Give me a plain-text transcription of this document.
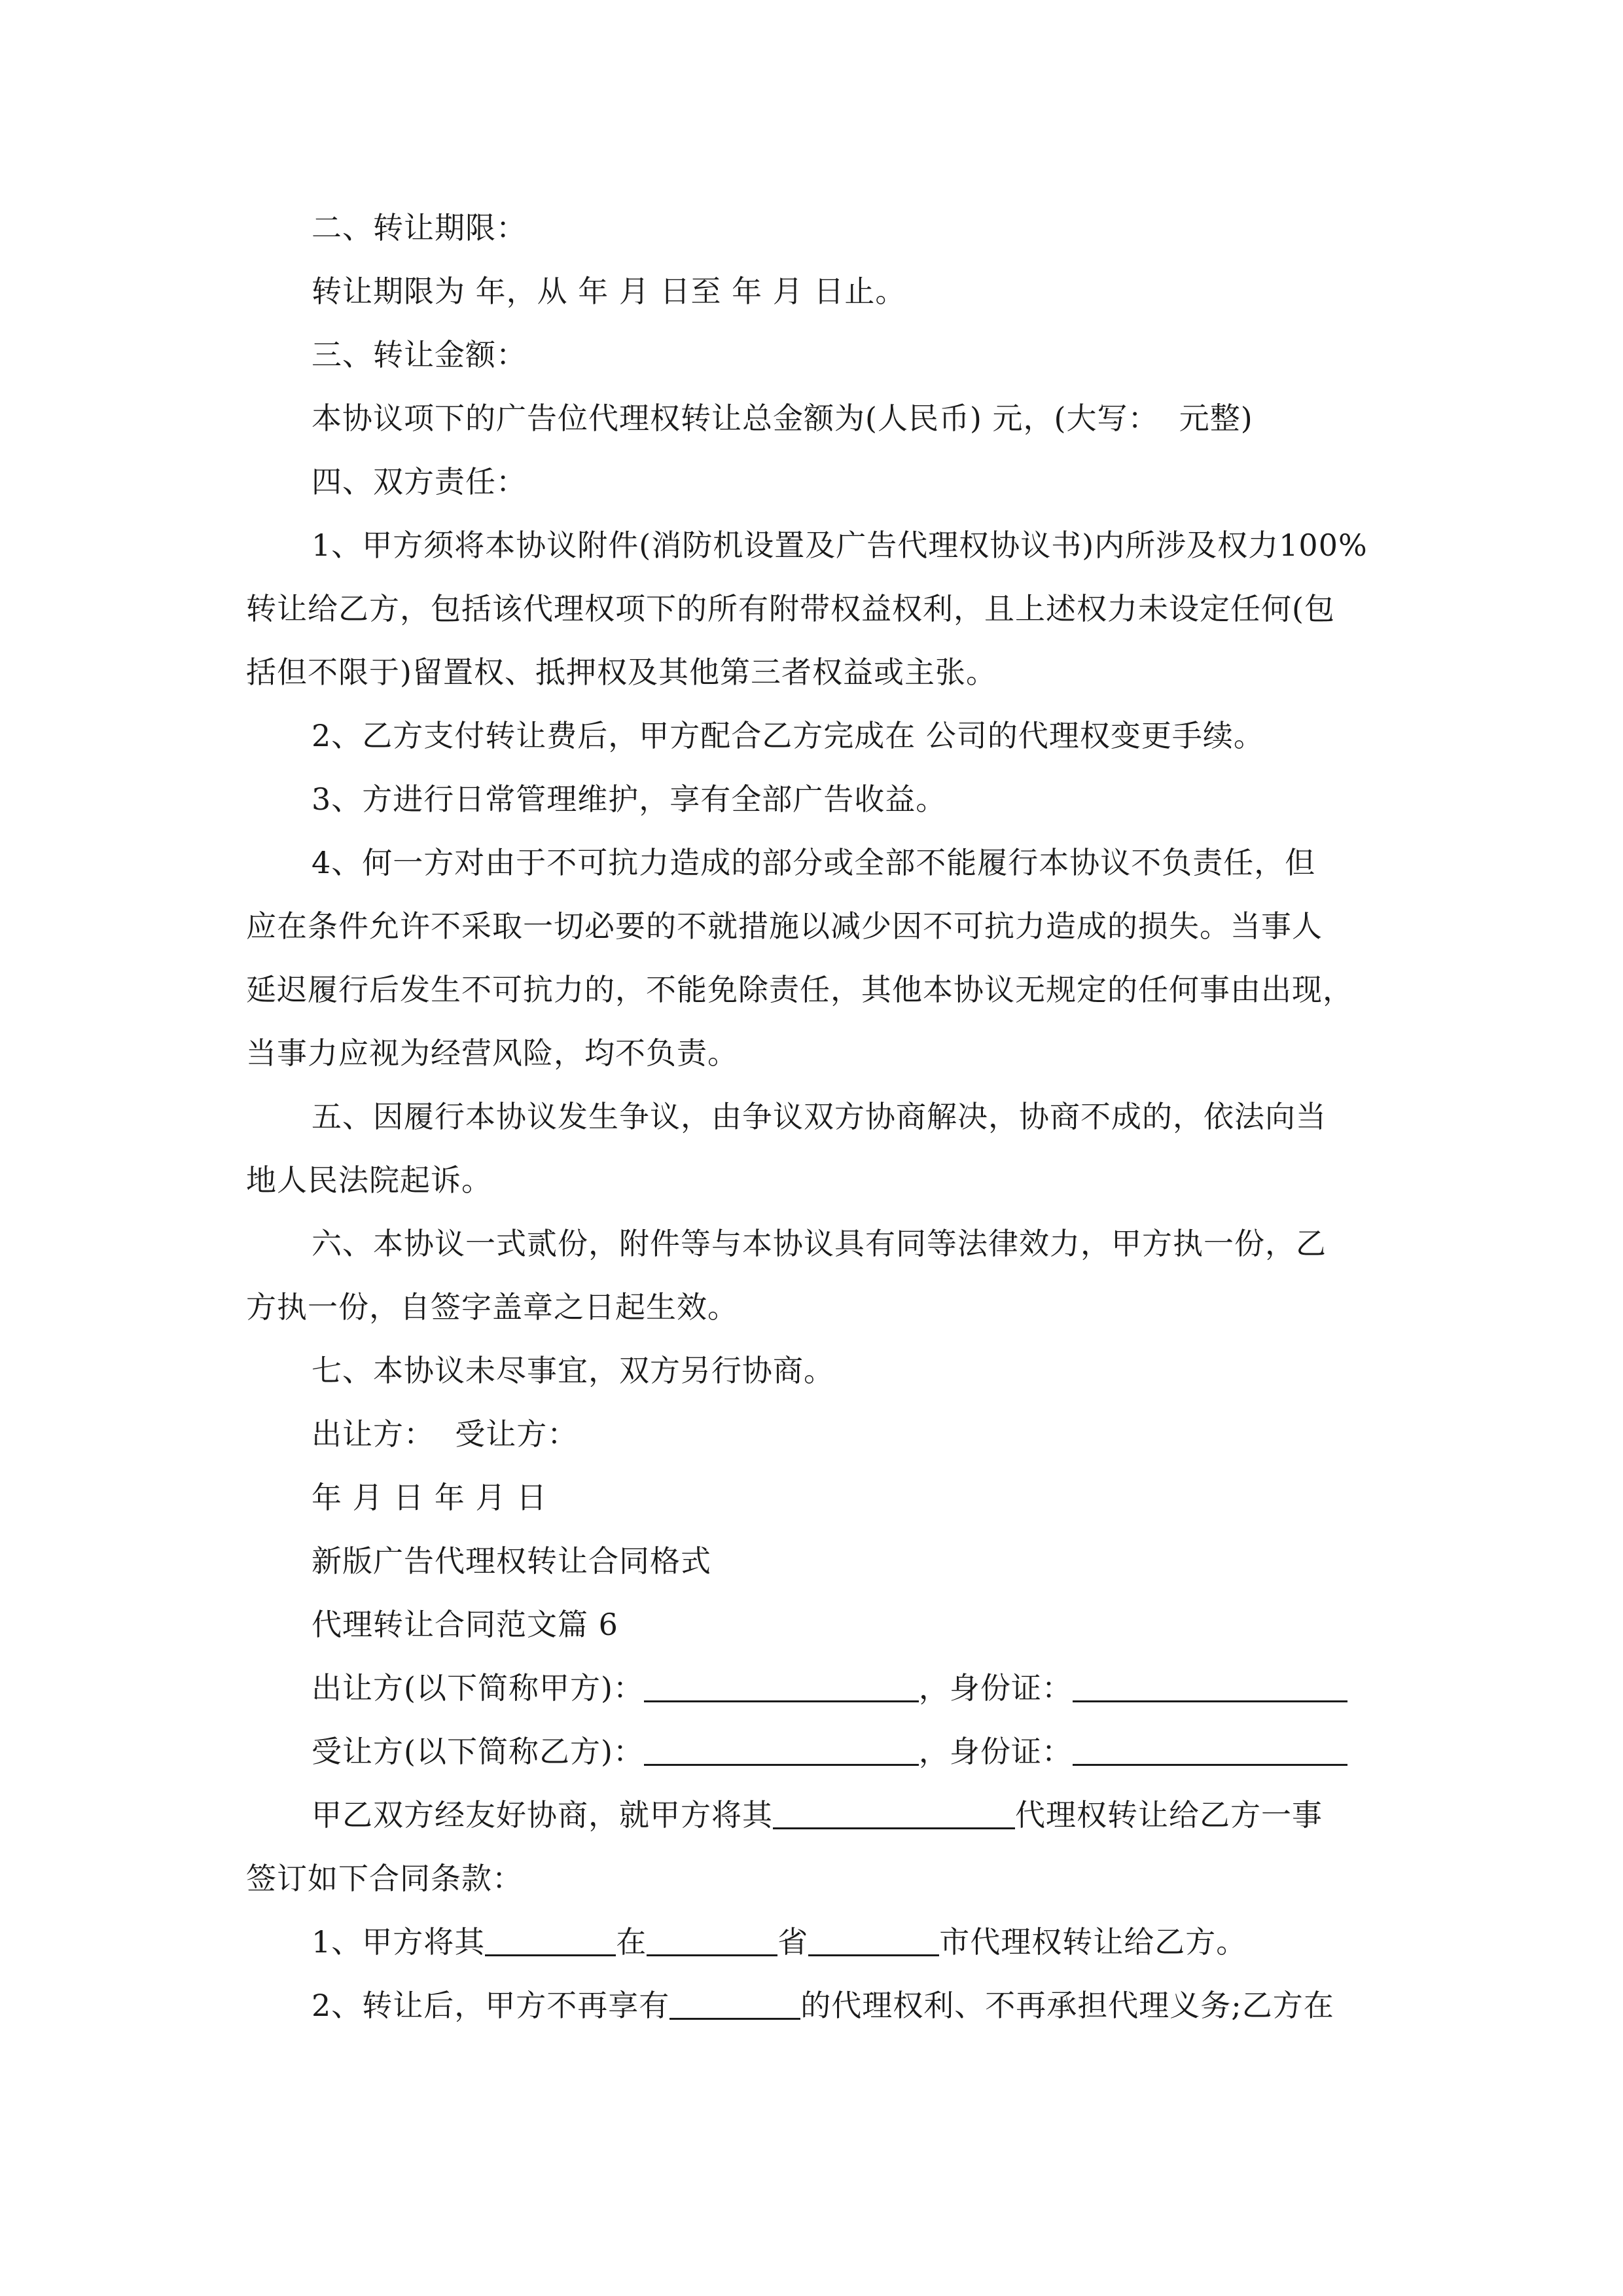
二、转让期限：
转让期限为 年，从 年 月 日至 年 月 日止。
三、转让金额：
本协议项下的广告位代理权转让总金额为(人民币) 元，(大写：  元整)
四、双方责任：
1、甲方须将本协议附件(消防机设置及广告代理权协议书)内所涉及权力100%
转让给乙方，包括该代理权项下的所有附带权益权利，且上述权力未设定任何(包
括但不限于)留置权、抵押权及其他第三者权益或主张。
2、乙方支付转让费后，甲方配合乙方完成在 公司的代理权变更手续。
3、方进行日常管理维护，享有全部广告收益。
4、何一方对由于不可抗力造成的部分或全部不能履行本协议不负责任，但
应在条件允许不采取一切必要的不就措施以减少因不可抗力造成的损失。当事人
延迟履行后发生不可抗力的，不能免除责任，其他本协议无规定的任何事由出现，
当事力应视为经营风险，均不负责。
五、因履行本协议发生争议，由争议双方协商解决，协商不成的，依法向当
地人民法院起诉。
六、本协议一式贰份，附件等与本协议具有同等法律效力，甲方执一份，乙
方执一份，自签字盖章之日起生效。
七、本协议未尽事宜，双方另行协商。
出让方：  受让方：
年 月 日 年 月 日
新版广告代理权转让合同格式
代理转让合同范文篇 6
出让方(以下简称甲方)：	，身份证：
受让方(以下简称乙方)：	，身份证：
甲乙双方经友好协商，就甲方将其	代理权转让给乙方一事
签订如下合同条款：
1、甲方将其	在	省	市代理权转让给乙方。
2、转让后，甲方不再享有	的代理权利、不再承担代理义务;乙方在
